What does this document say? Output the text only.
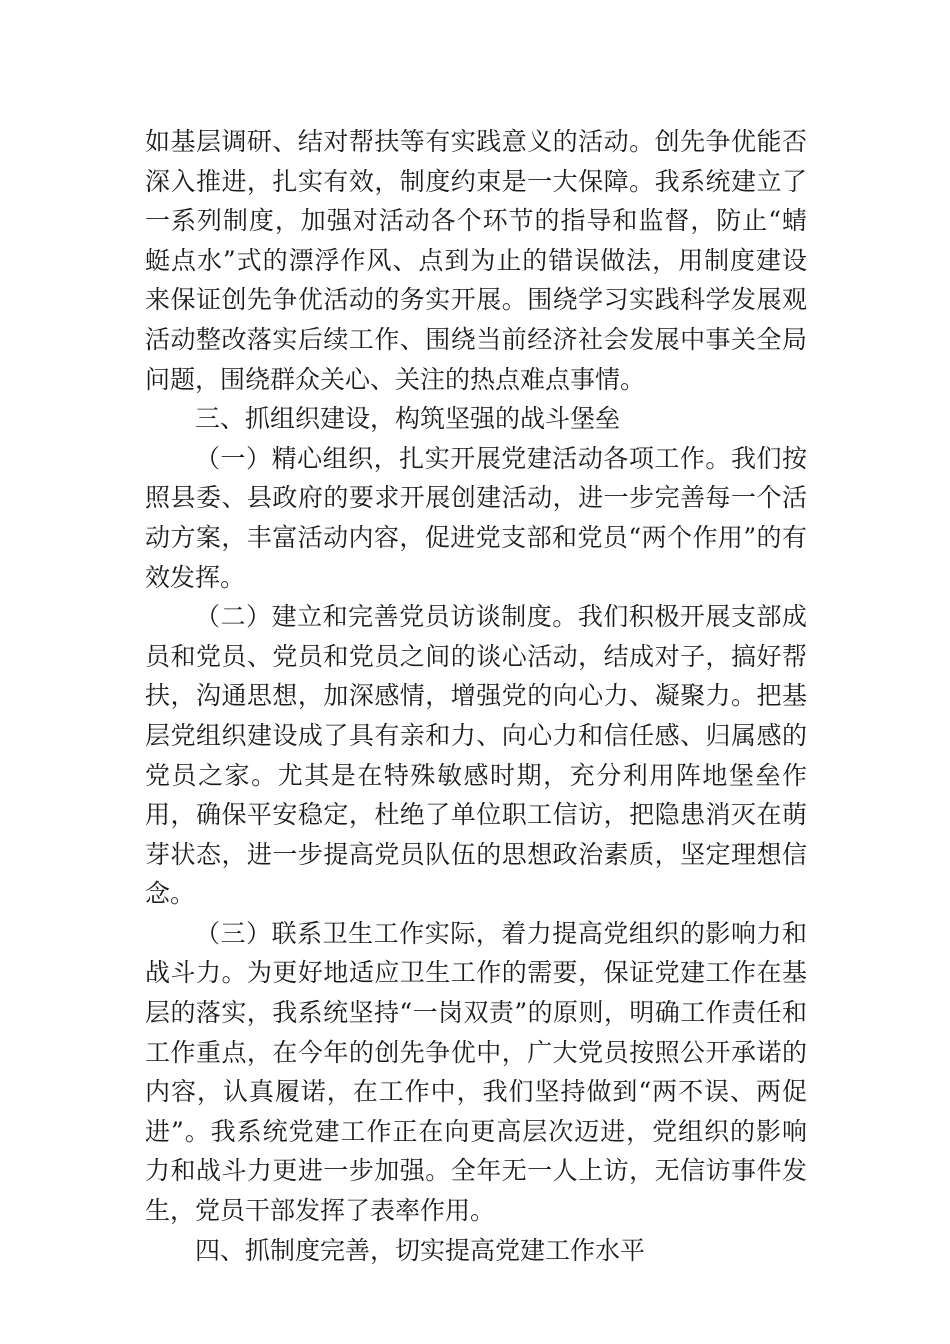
如基层调研、结对帮扶等有实践意义的活动。创先争优能否深入推进，扎实有效，制度约束是一大保障。我系统建立了一系列制度，加强对活动各个环节的指导和监督，防止“蜻蜓点水”式的漂浮作风、点到为止的错误做法，用制度建设来保证创先争优活动的务实开展。围绕学习实践科学发展观活动整改落实后续工作、围绕当前经济社会发展中事关全局问题，围绕群众关心、关注的热点难点事情。

三、抓组织建设，构筑坚强的战斗堡垒

（一）精心组织，扎实开展党建活动各项工作。我们按照县委、县政府的要求开展创建活动，进一步完善每一个活动方案，丰富活动内容，促进党支部和党员“两个作用”的有效发挥。

（二）建立和完善党员访谈制度。我们积极开展支部成员和党员、党员和党员之间的谈心活动，结成对子，搞好帮扶，沟通思想，加深感情，增强党的向心力、凝聚力。把基层党组织建设成了具有亲和力、向心力和信任感、归属感的党员之家。尤其是在特殊敏感时期，充分利用阵地堡垒作用，确保平安稳定，杜绝了单位职工信访，把隐患消灭在萌芽状态，进一步提高党员队伍的思想政治素质，坚定理想信念。

（三）联系卫生工作实际，着力提高党组织的影响力和战斗力。为更好地适应卫生工作的需要，保证党建工作在基层的落实，我系统坚持“一岗双责”的原则，明确工作责任和工作重点，在今年的创先争优中，广大党员按照公开承诺的内容，认真履诺，在工作中，我们坚持做到“两不误、两促进”。我系统党建工作正在向更高层次迈进，党组织的影响力和战斗力更进一步加强。全年无一人上访，无信访事件发生，党员干部发挥了表率作用。

四、抓制度完善，切实提高党建工作水平
